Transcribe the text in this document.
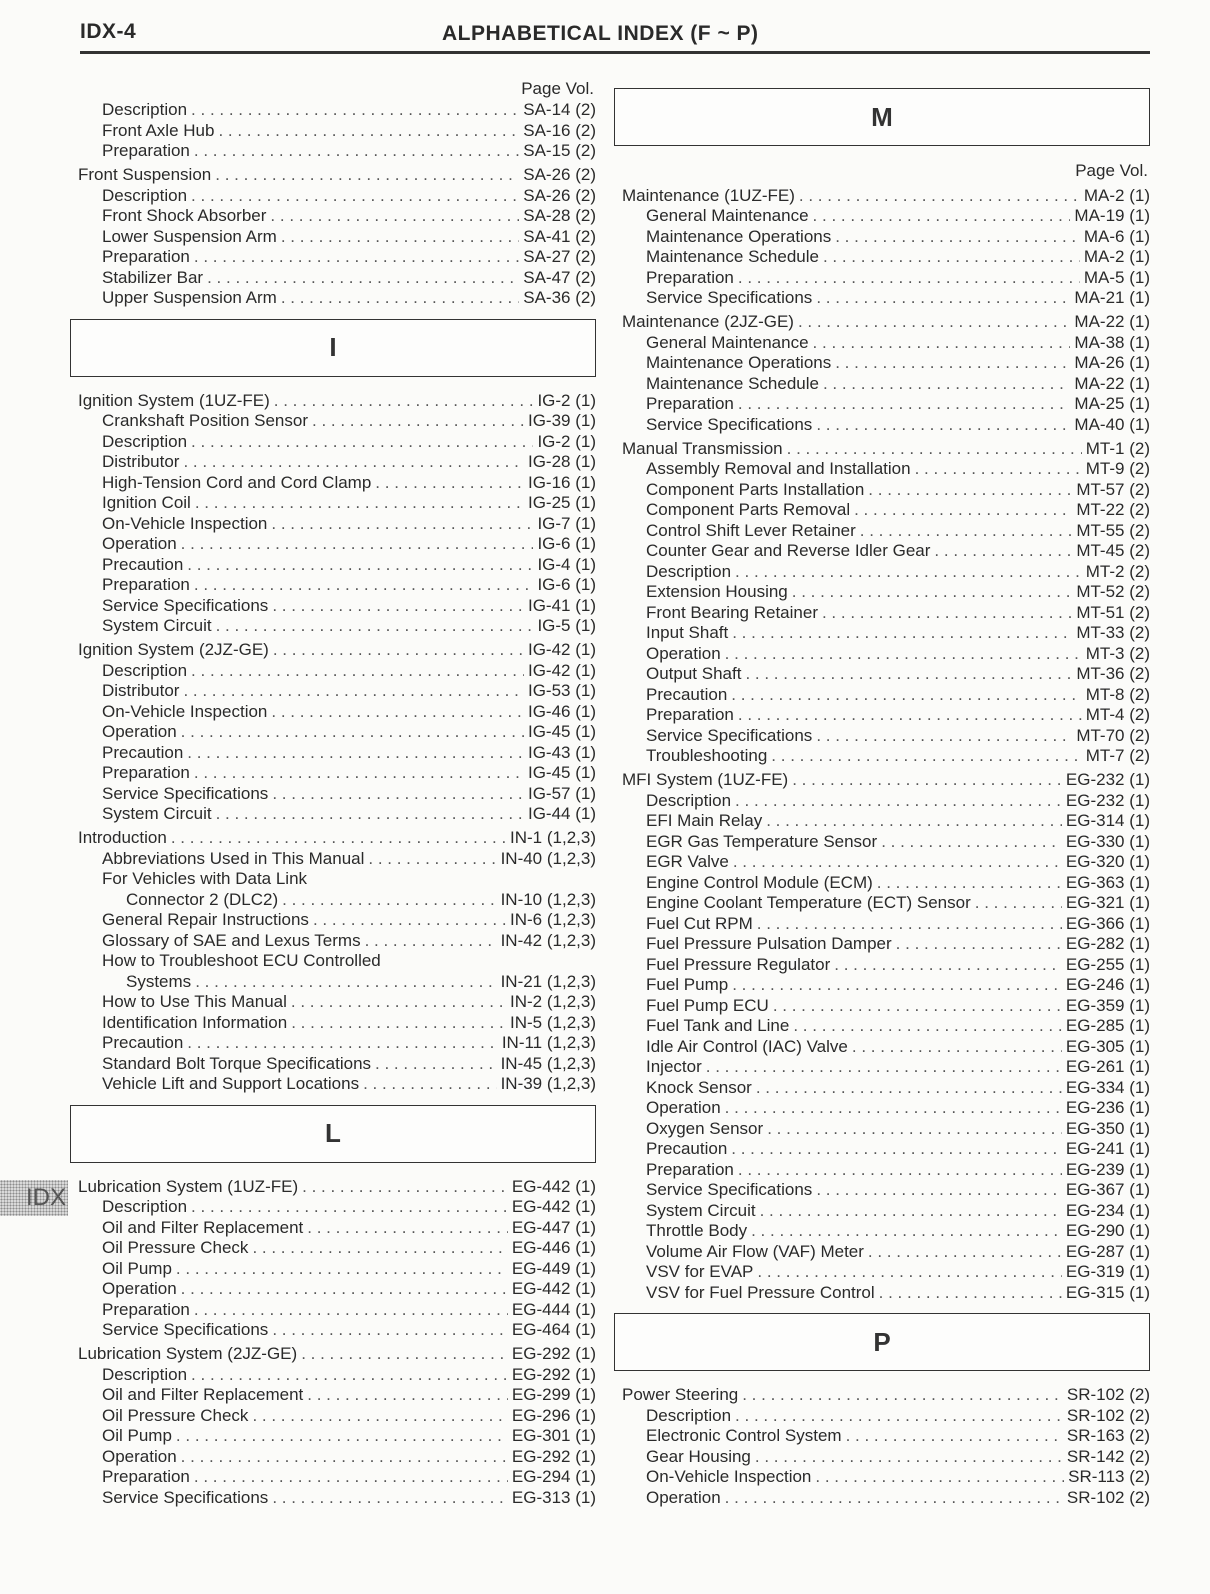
IDX-4	ALPHABETICAL INDEX (F ~ P)
Page Vol.
Description . . .	SA-14 (2)
Front Axle Hub . . .	SA-16 (2)
Preparation . . .	SA-15 (2)
Front Suspension . . .	SA-26 (2)
Description . . .	SA-26 (2)
Front Shock Absorber . . .	SA-28 (2)
Lower Suspension Arm . . .	SA-41 (2)
Preparation . . .	SA-27 (2)
Stabilizer Bar . . .	SA-47 (2)
Upper Suspension Arm . . .	SA-36 (2)
I
Ignition System (1UZ-FE) . . .	IG-2 (1)
Crankshaft Position Sensor . . .	IG-39 (1)
Description . . .	IG-2 (1)
Distributor . . .	IG-28 (1)
High-Tension Cord and Cord Clamp . . .	IG-16 (1)
Ignition Coil . . .	IG-25 (1)
On-Vehicle Inspection . . .	IG-7 (1)
Operation . . .	IG-6 (1)
Precaution . . .	IG-4 (1)
Preparation . . .	IG-6 (1)
Service Specifications . . .	IG-41 (1)
System Circuit . . .	IG-5 (1)
Ignition System (2JZ-GE) . . .	IG-42 (1)
Description . . .	IG-42 (1)
Distributor . . .	IG-53 (1)
On-Vehicle Inspection . . .	IG-46 (1)
Operation . . .	IG-45 (1)
Precaution . . .	IG-43 (1)
Preparation . . .	IG-45 (1)
Service Specifications . . .	IG-57 (1)
System Circuit . . .	IG-44 (1)
Introduction . . .	IN-1 (1,2,3)
Abbreviations Used in This Manual . . .	IN-40 (1,2,3)
For Vehicles with Data Link
Connector 2 (DLC2) . . .	IN-10 (1,2,3)
General Repair Instructions . . .	IN-6 (1,2,3)
Glossary of SAE and Lexus Terms . . .	IN-42 (1,2,3)
How to Troubleshoot ECU Controlled
Systems . . .	IN-21 (1,2,3)
How to Use This Manual . . .	IN-2 (1,2,3)
Identification Information . . .	IN-5 (1,2,3)
Precaution . . .	IN-11 (1,2,3)
Standard Bolt Torque Specifications . . .	IN-45 (1,2,3)
Vehicle Lift and Support Locations . . .	IN-39 (1,2,3)
L
Lubrication System (1UZ-FE) . . .	EG-442 (1)
Description . . .	EG-442 (1)
Oil and Filter Replacement . . .	EG-447 (1)
Oil Pressure Check . . .	EG-446 (1)
Oil Pump . . .	EG-449 (1)
Operation . . .	EG-442 (1)
Preparation . . .	EG-444 (1)
Service Specifications . . .	EG-464 (1)
Lubrication System (2JZ-GE) . . .	EG-292 (1)
Description . . .	EG-292 (1)
Oil and Filter Replacement . . .	EG-299 (1)
Oil Pressure Check . . .	EG-296 (1)
Oil Pump . . .	EG-301 (1)
Operation . . .	EG-292 (1)
Preparation . . .	EG-294 (1)
Service Specifications . . .	EG-313 (1)
M
Page Vol.
Maintenance (1UZ-FE) . . .	MA-2 (1)
General Maintenance . . .	MA-19 (1)
Maintenance Operations . . .	MA-6 (1)
Maintenance Schedule . . .	MA-2 (1)
Preparation . . .	MA-5 (1)
Service Specifications . . .	MA-21 (1)
Maintenance (2JZ-GE) . . .	MA-22 (1)
General Maintenance . . .	MA-38 (1)
Maintenance Operations . . .	MA-26 (1)
Maintenance Schedule . . .	MA-22 (1)
Preparation . . .	MA-25 (1)
Service Specifications . . .	MA-40 (1)
Manual Transmission . . .	MT-1 (2)
Assembly Removal and Installation . . .	MT-9 (2)
Component Parts Installation . . .	MT-57 (2)
Component Parts Removal . . .	MT-22 (2)
Control Shift Lever Retainer . . .	MT-55 (2)
Counter Gear and Reverse Idler Gear . . .	MT-45 (2)
Description . . .	MT-2 (2)
Extension Housing . . .	MT-52 (2)
Front Bearing Retainer . . .	MT-51 (2)
Input Shaft . . .	MT-33 (2)
Operation . . .	MT-3 (2)
Output Shaft . . .	MT-36 (2)
Precaution . . .	MT-8 (2)
Preparation . . .	MT-4 (2)
Service Specifications . . .	MT-70 (2)
Troubleshooting . . .	MT-7 (2)
MFI System (1UZ-FE) . . .	EG-232 (1)
Description . . .	EG-232 (1)
EFI Main Relay . . .	EG-314 (1)
EGR Gas Temperature Sensor . . .	EG-330 (1)
EGR Valve . . .	EG-320 (1)
Engine Control Module (ECM) . . .	EG-363 (1)
Engine Coolant Temperature (ECT) Sensor . . .	EG-321 (1)
Fuel Cut RPM . . .	EG-366 (1)
Fuel Pressure Pulsation Damper . . .	EG-282 (1)
Fuel Pressure Regulator . . .	EG-255 (1)
Fuel Pump . . .	EG-246 (1)
Fuel Pump ECU . . .	EG-359 (1)
Fuel Tank and Line . . .	EG-285 (1)
Idle Air Control (IAC) Valve . . .	EG-305 (1)
Injector . . .	EG-261 (1)
Knock Sensor . . .	EG-334 (1)
Operation . . .	EG-236 (1)
Oxygen Sensor . . .	EG-350 (1)
Precaution . . .	EG-241 (1)
Preparation . . .	EG-239 (1)
Service Specifications . . .	EG-367 (1)
System Circuit . . .	EG-234 (1)
Throttle Body . . .	EG-290 (1)
Volume Air Flow (VAF) Meter . . .	EG-287 (1)
VSV for EVAP . . .	EG-319 (1)
VSV for Fuel Pressure Control . . .	EG-315 (1)
P
Power Steering . . .	SR-102 (2)
Description . . .	SR-102 (2)
Electronic Control System . . .	SR-163 (2)
Gear Housing . . .	SR-142 (2)
On-Vehicle Inspection . . .	SR-113 (2)
Operation . . .	SR-102 (2)
IDX
